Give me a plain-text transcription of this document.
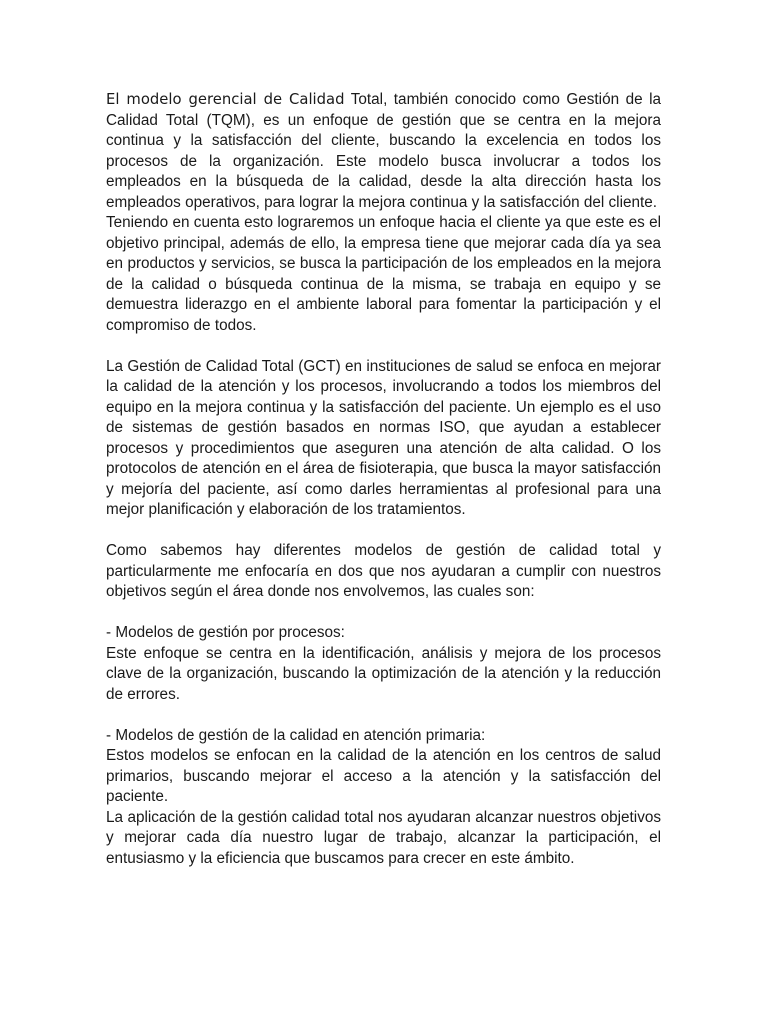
El modelo gerencial de Calidad Total, también conocido como Gestión de la Calidad Total (TQM), es un enfoque de gestión que se centra en la mejora continua y la satisfacción del cliente, buscando la excelencia en todos los procesos de la organización. Este modelo busca involucrar a todos los empleados en la búsqueda de la calidad, desde la alta dirección hasta los empleados operativos, para lograr la mejora continua y la satisfacción del cliente.

Teniendo en cuenta esto lograremos un enfoque hacia el cliente ya que este es el objetivo principal, además de ello, la empresa tiene que mejorar cada día ya sea en productos y servicios, se busca la participación de los empleados en la mejora de la calidad o búsqueda continua de la misma, se trabaja en equipo y se demuestra liderazgo en el ambiente laboral para fomentar la participación y el compromiso de todos.

La Gestión de Calidad Total (GCT) en instituciones de salud se enfoca en mejorar la calidad de la atención y los procesos, involucrando a todos los miembros del equipo en la mejora continua y la satisfacción del paciente. Un ejemplo es el uso de sistemas de gestión basados en normas ISO, que ayudan a establecer procesos y procedimientos que aseguren una atención de alta calidad. O los protocolos de atención en el área de fisioterapia, que busca la mayor satisfacción y mejoría del paciente, así como darles herramientas al profesional para una mejor planificación y elaboración de los tratamientos.

Como sabemos hay diferentes modelos de gestión de calidad total y particularmente me enfocaría en dos que nos ayudaran a cumplir con nuestros objetivos según el área donde nos envolvemos, las cuales son:

- Modelos de gestión por procesos:

Este enfoque se centra en la identificación, análisis y mejora de los procesos clave de la organización, buscando la optimización de la atención y la reducción de errores.

- Modelos de gestión de la calidad en atención primaria:

Estos modelos se enfocan en la calidad de la atención en los centros de salud primarios, buscando mejorar el acceso a la atención y la satisfacción del paciente.

La aplicación de la gestión calidad total nos ayudaran alcanzar nuestros objetivos y mejorar cada día nuestro lugar de trabajo, alcanzar la participación, el entusiasmo y la eficiencia que buscamos para crecer en este ámbito.
